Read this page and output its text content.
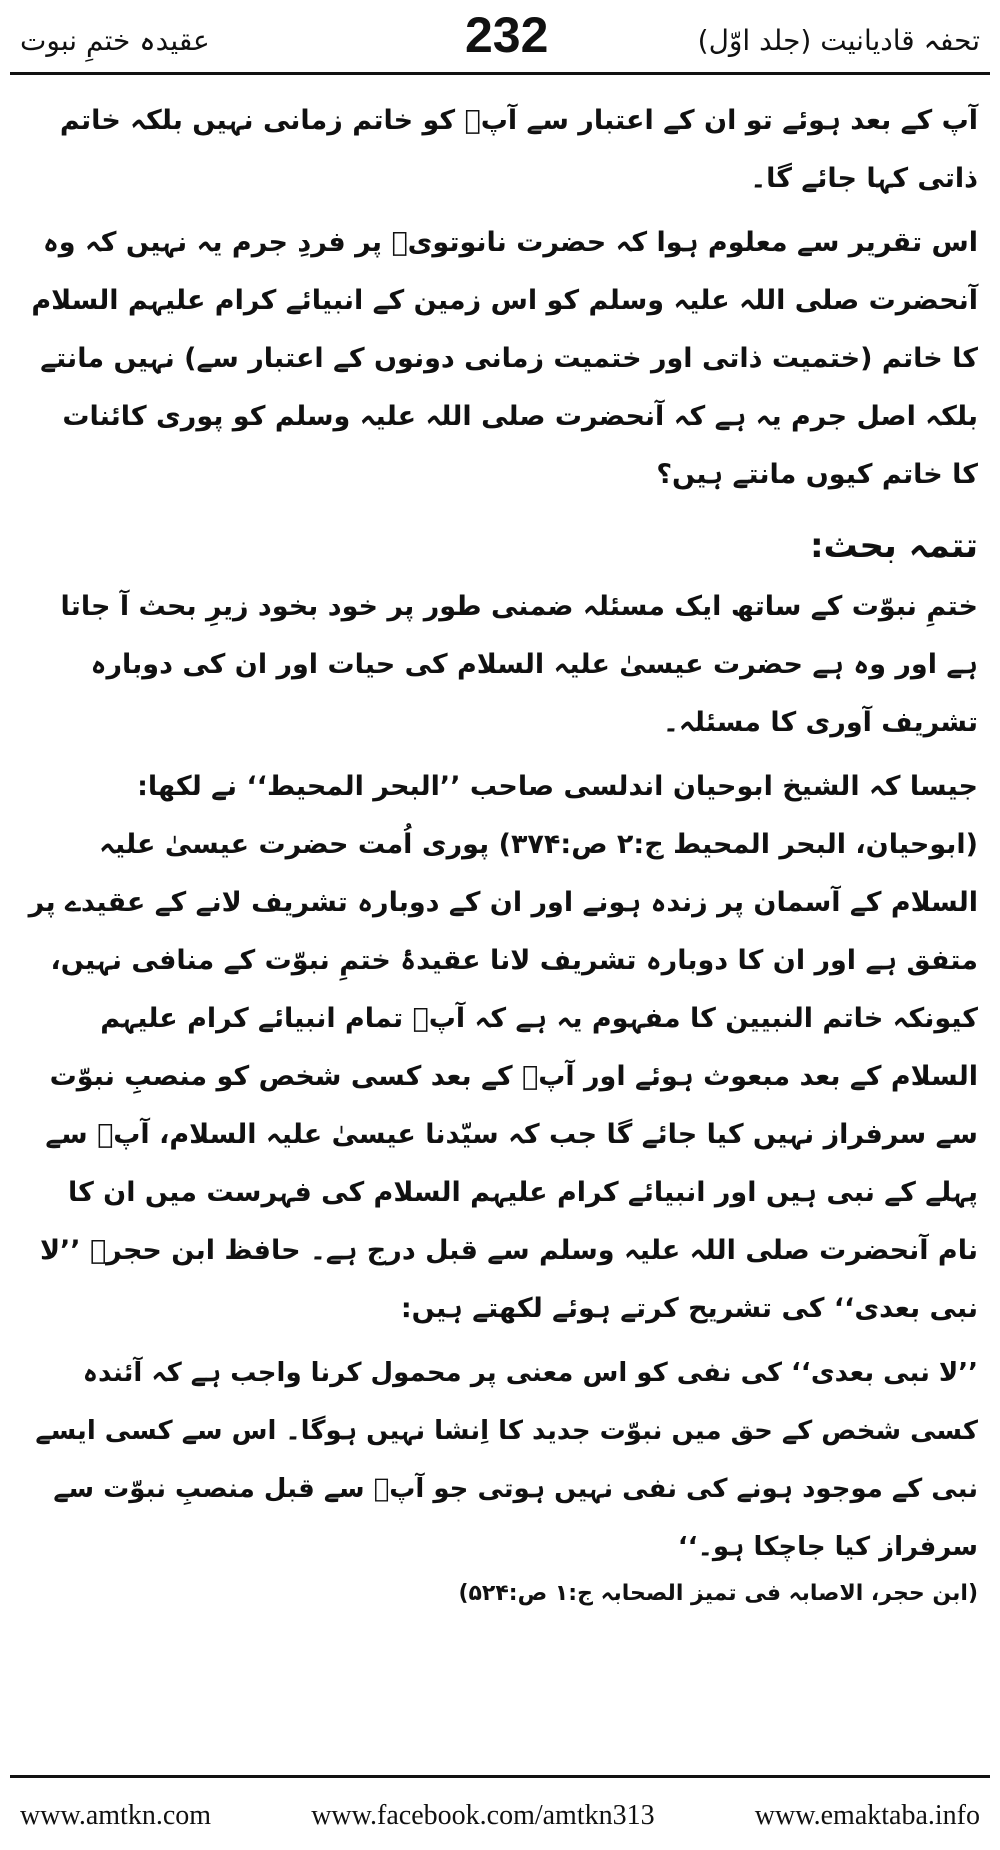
تحفہ قادیانیت (جلد اوّل)
232
عقیدہ ختمِ نبوت

آپ کے بعد ہوئے تو ان کے اعتبار سے آپؐ کو خاتم زمانی نہیں بلکہ خاتم ذاتی کہا جائے گا۔

اس تقریر سے معلوم ہوا کہ حضرت نانوتویؒ پر فردِ جرم یہ نہیں کہ وہ آنحضرت صلی اللہ علیہ وسلم کو اس زمین کے انبیائے کرام علیہم السلام کا خاتم (ختمیت ذاتی اور ختمیت زمانی دونوں کے اعتبار سے) نہیں مانتے بلکہ اصل جرم یہ ہے کہ آنحضرت صلی اللہ علیہ وسلم کو پوری کائنات کا خاتم کیوں مانتے ہیں؟

تتمہ بحث:

ختمِ نبوّت کے ساتھ ایک مسئلہ ضمنی طور پر خود بخود زیرِ بحث آ جاتا ہے اور وہ ہے حضرت عیسیٰ علیہ السلام کی حیات اور ان کی دوبارہ تشریف آوری کا مسئلہ۔

جیسا کہ الشیخ ابوحیان اندلسی صاحب ’’البحر المحیط‘‘ نے لکھا: (ابوحیان، البحر المحیط ج:۲ ص:۳۷۴) پوری اُمت حضرت عیسیٰ علیہ السلام کے آسمان پر زندہ ہونے اور ان کے دوبارہ تشریف لانے کے عقیدے پر متفق ہے اور ان کا دوبارہ تشریف لانا عقیدۂ ختمِ نبوّت کے منافی نہیں، کیونکہ خاتم النبیین کا مفہوم یہ ہے کہ آپؐ تمام انبیائے کرام علیہم السلام کے بعد مبعوث ہوئے اور آپؐ کے بعد کسی شخص کو منصبِ نبوّت سے سرفراز نہیں کیا جائے گا جب کہ سیّدنا عیسیٰ علیہ السلام، آپؐ سے پہلے کے نبی ہیں اور انبیائے کرام علیہم السلام کی فہرست میں ان کا نام آنحضرت صلی اللہ علیہ وسلم سے قبل درج ہے۔ حافظ ابن حجرؒ ’’لا نبی بعدی‘‘ کی تشریح کرتے ہوئے لکھتے ہیں:

’’لا نبی بعدی‘‘ کی نفی کو اس معنی پر محمول کرنا واجب ہے کہ آئندہ کسی شخص کے حق میں نبوّت جدید کا اِنشا نہیں ہوگا۔ اس سے کسی ایسے نبی کے موجود ہونے کی نفی نہیں ہوتی جو آپؐ سے قبل منصبِ نبوّت سے سرفراز کیا جاچکا ہو۔‘‘

(ابن حجر، الاصابہ فی تمیز الصحابہ ج:۱ ص:۵۲۴)

www.amtkn.com	www.facebook.com/amtkn313	www.emaktaba.info
